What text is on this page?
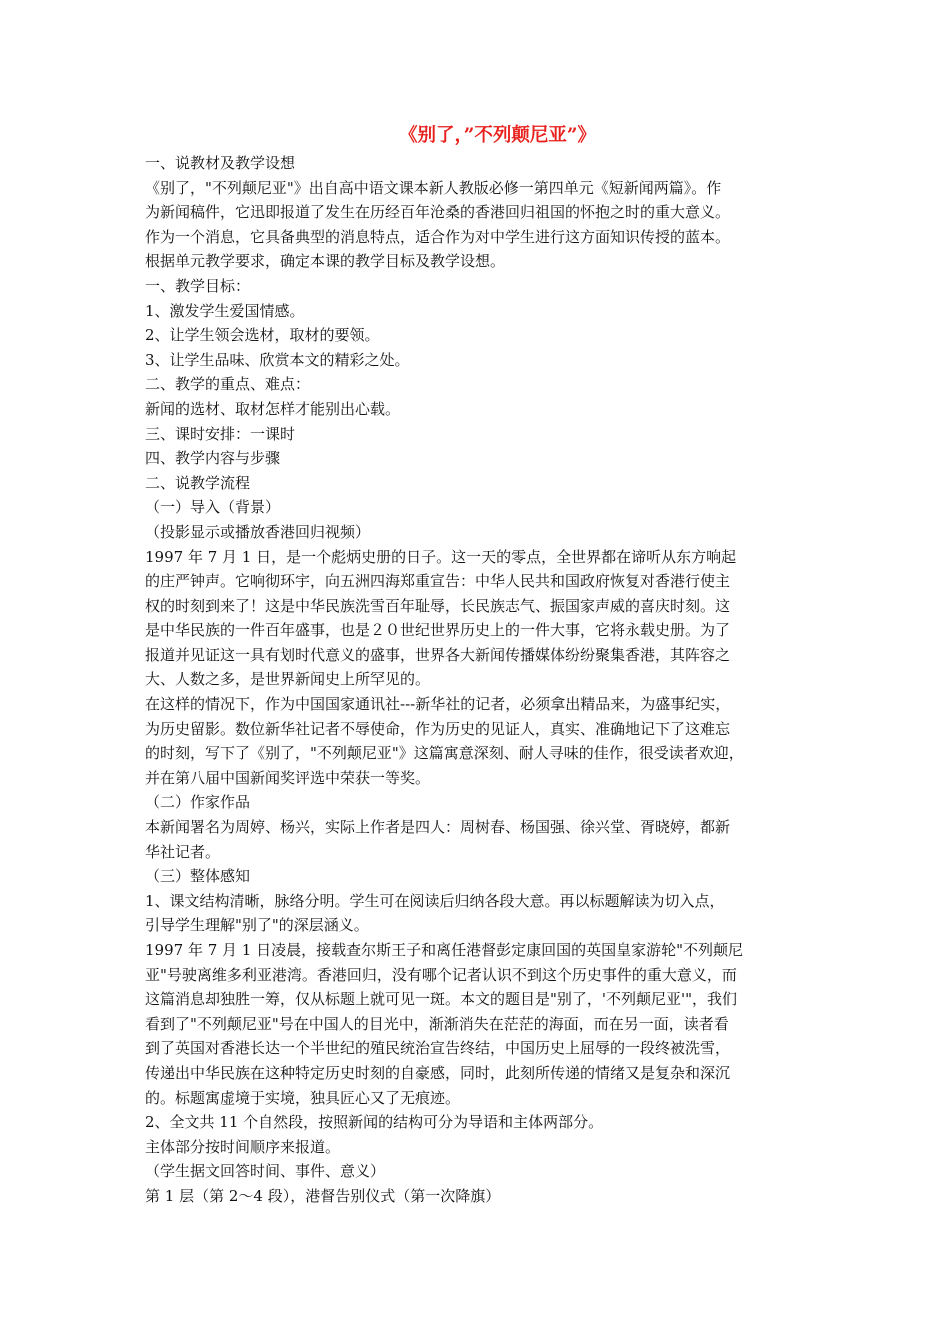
《别了，”不列颠尼亚”》

一、说教材及教学设想

《别了，"不列颠尼亚"》出自高中语文课本新人教版必修一第四单元《短新闻两篇》。作

为新闻稿件，它迅即报道了发生在历经百年沧桑的香港回归祖国的怀抱之时的重大意义。

作为一个消息，它具备典型的消息特点，适合作为对中学生进行这方面知识传授的蓝本。

根据单元教学要求，确定本课的教学目标及教学设想。

一、教学目标：

1、激发学生爱国情感。

2、让学生领会选材，取材的要领。

3、让学生品味、欣赏本文的精彩之处。

二、教学的重点、难点：

新闻的选材、取材怎样才能别出心载。

三、课时安排：一课时

四、教学内容与步骤

二、说教学流程

（一）导入（背景）

（投影显示或播放香港回归视频）

1997 年 7 月 1 日，是一个彪炳史册的日子。这一天的零点，全世界都在谛听从东方响起

的庄严钟声。它响彻环宇，向五洲四海郑重宣告：中华人民共和国政府恢复对香港行使主

权的时刻到来了！这是中华民族洗雪百年耻辱，长民族志气、振国家声威的喜庆时刻。这

是中华民族的一件百年盛事，也是２０世纪世界历史上的一件大事，它将永载史册。为了

报道并见证这一具有划时代意义的盛事，世界各大新闻传播媒体纷纷聚集香港，其阵容之

大、人数之多，是世界新闻史上所罕见的。

在这样的情况下，作为中国国家通讯社---新华社的记者，必须拿出精品来，为盛事纪实，

为历史留影。数位新华社记者不辱使命，作为历史的见证人，真实、准确地记下了这难忘

的时刻，写下了《别了，"不列颠尼亚"》这篇寓意深刻、耐人寻味的佳作，很受读者欢迎，

并在第八届中国新闻奖评选中荣获一等奖。

（二）作家作品

本新闻署名为周婷、杨兴，实际上作者是四人：周树春、杨国强、徐兴堂、胥晓婷，都新

华社记者。

（三）整体感知

1、课文结构清晰，脉络分明。学生可在阅读后归纳各段大意。再以标题解读为切入点，

引导学生理解"别了"的深层涵义。

1997 年 7 月 1 日凌晨，接载查尔斯王子和离任港督彭定康回国的英国皇家游轮"不列颠尼

亚"号驶离维多利亚港湾。香港回归，没有哪个记者认识不到这个历史事件的重大意义，而

这篇消息却独胜一筹，仅从标题上就可见一斑。本文的题目是"别了，'不列颠尼亚'"，我们

看到了"不列颠尼亚"号在中国人的目光中，渐渐消失在茫茫的海面，而在另一面，读者看

到了英国对香港长达一个半世纪的殖民统治宣告终结，中国历史上屈辱的一段终被洗雪，

传递出中华民族在这种特定历史时刻的自豪感，同时，此刻所传递的情绪又是复杂和深沉

的。标题寓虚境于实境，独具匠心又了无痕迹。

2、全文共 11 个自然段，按照新闻的结构可分为导语和主体两部分。

主体部分按时间顺序来报道。

（学生据文回答时间、事件、意义）

第 1 层（第 2～4 段），港督告别仪式（第一次降旗）
